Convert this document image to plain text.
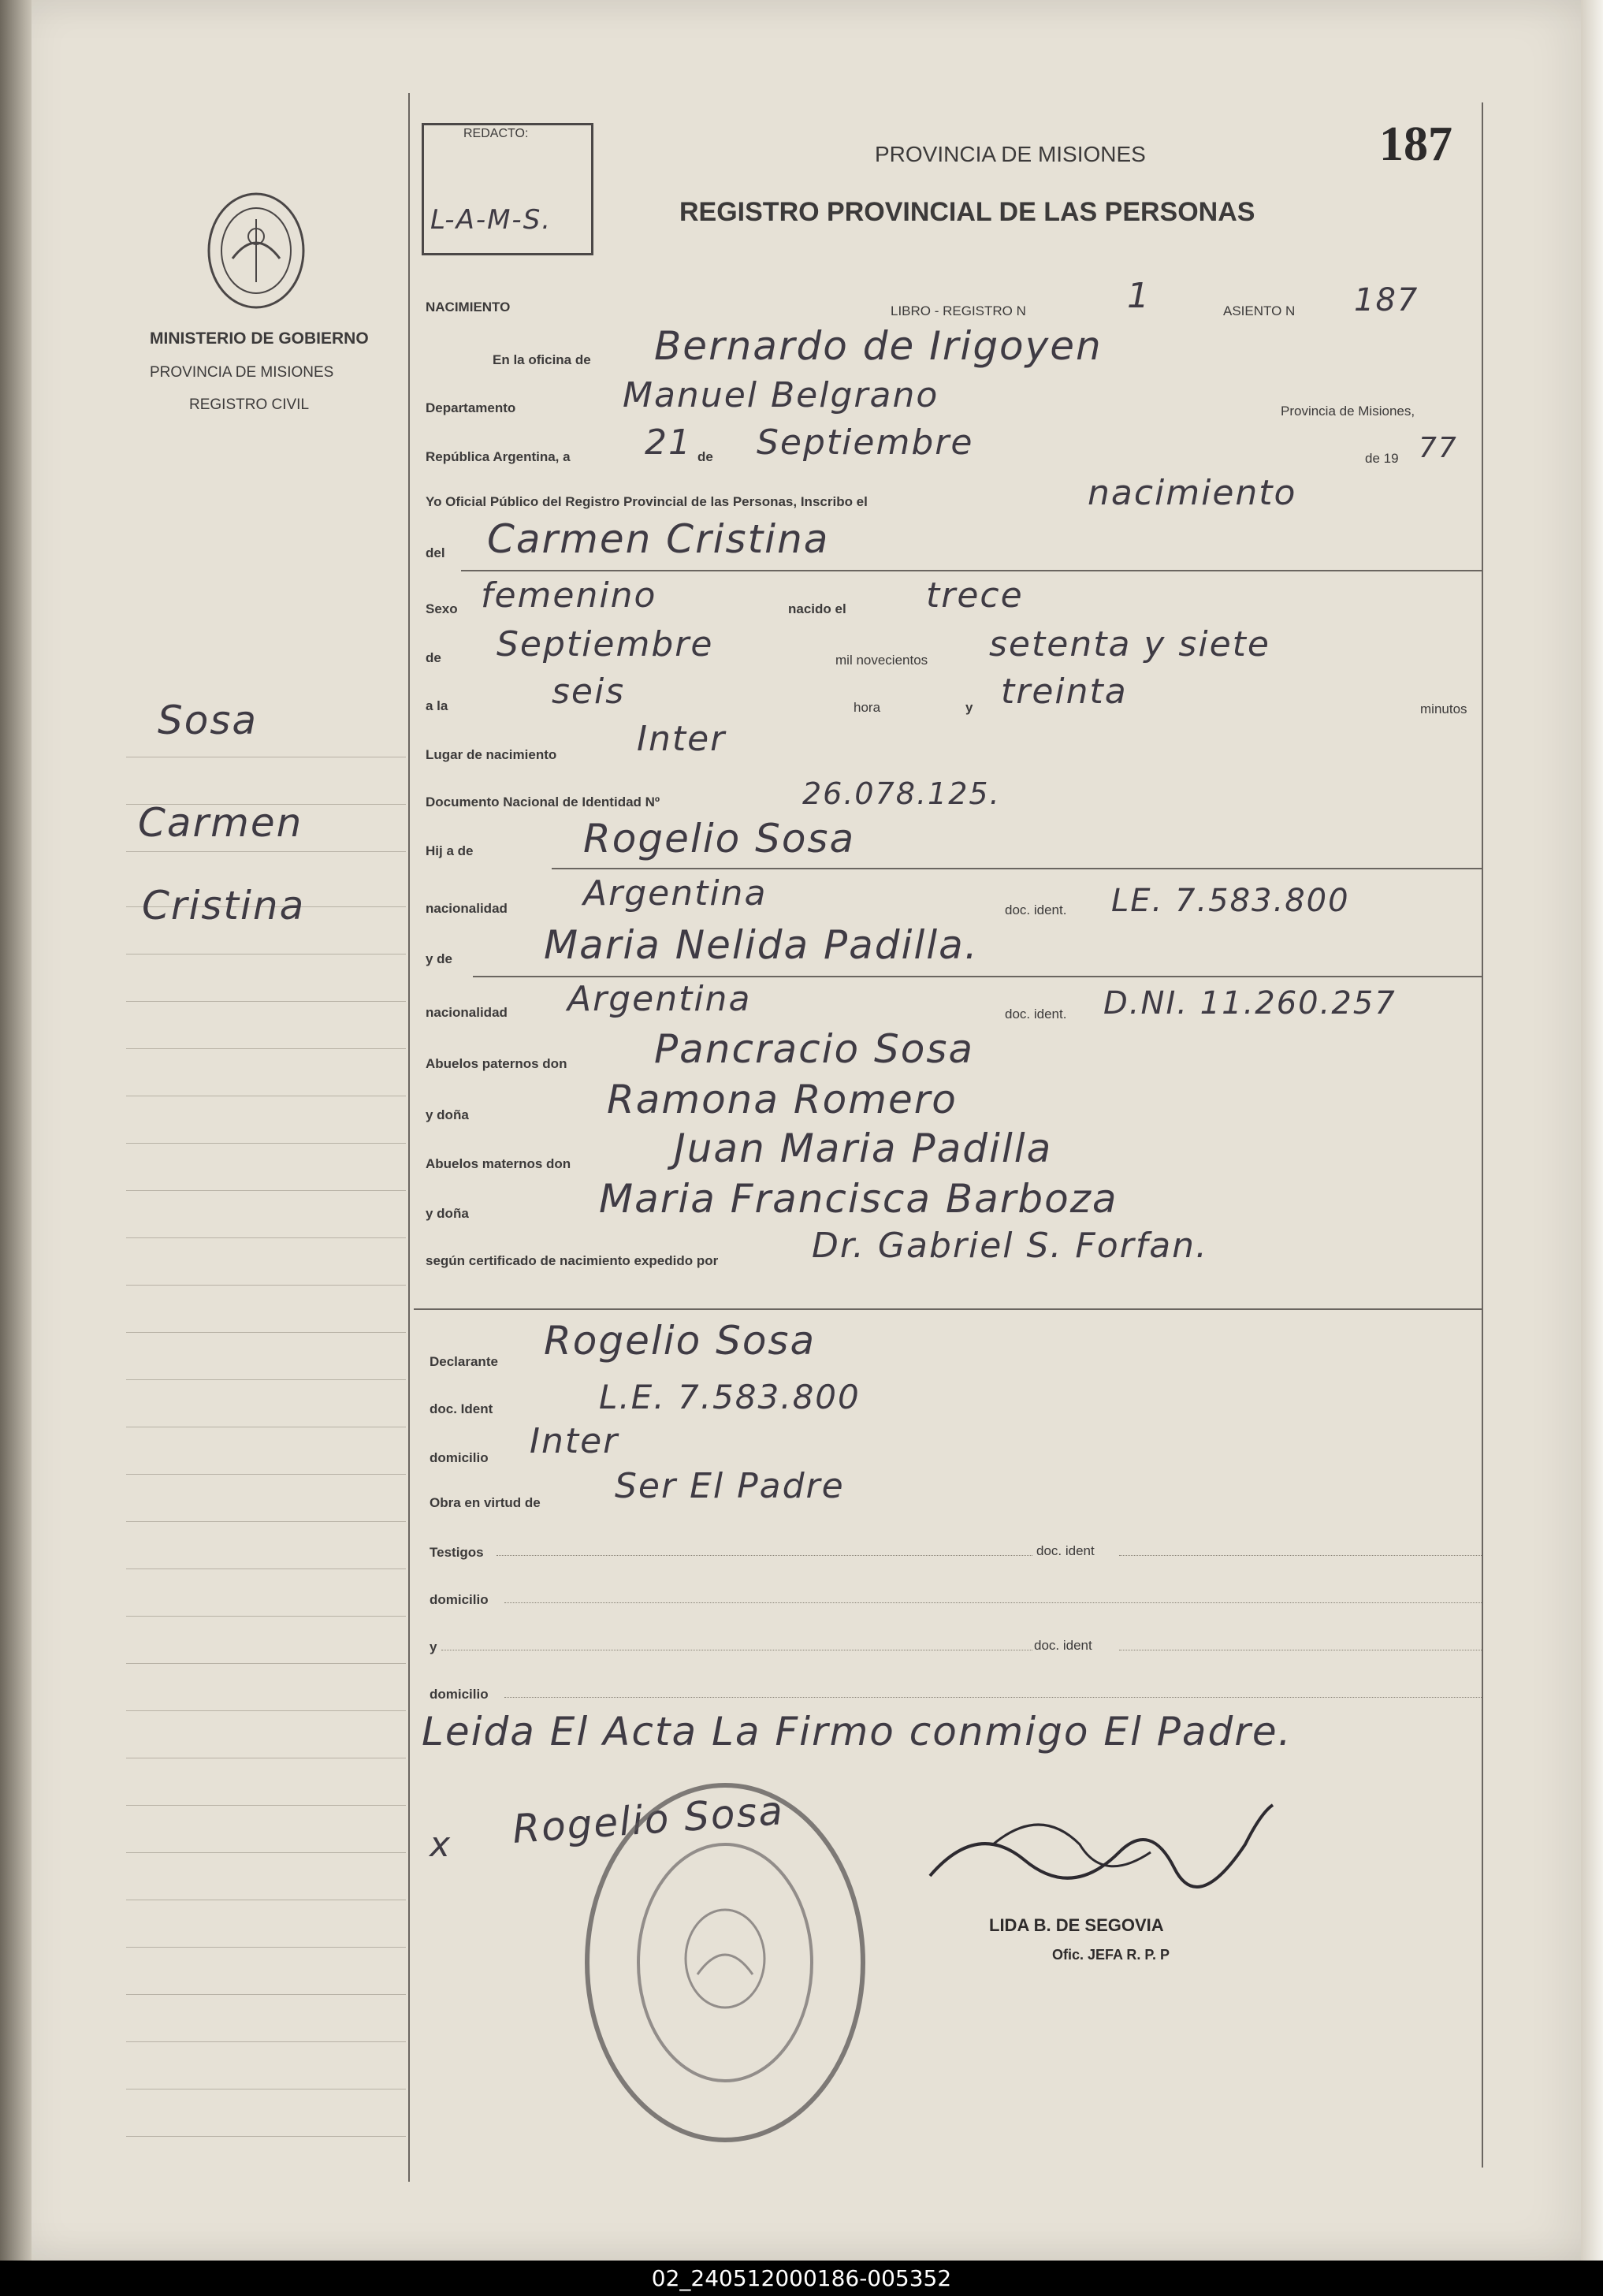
MINISTERIO DE GOBIERNO
PROVINCIA DE MISIONES
REGISTRO CIVIL
Sosa
Carmen
Cristina
REDACTO:
L-A-M-S.
PROVINCIA DE MISIONES	187
REGISTRO PROVINCIAL DE LAS PERSONAS
NACIMIENTO	LIBRO - REGISTRO N	1	ASIENTO N 187
En la oficina de Bernardo de Irigoyen
Departamento	Manuel Belgrano	Provincia de Misiones,
República Argentina, a 21 de Septiembre	de 19 77
Yo Oficial Público del Registro Provincial de las Personas, Inscribo el	nacimiento
del Carmen Cristina
Sexo femenino	nacido el trece
de Septiembre	mil novecientos setenta y siete
a la	seis	hora	y treinta	minutos
Lugar de nacimiento Inter
Documento Nacional de Identidad Nº	26.078.125.
Hij a de	Rogelio Sosa
nacionalidad Argentina	doc. ident. LE. 7.583.800
y de Maria Nelida Padilla.
nacionalidad Argentina	doc. ident. D.NI. 11.260.257
Abuelos paternos don Pancracio Sosa
y doña	Ramona Romero
Abuelos maternos don	Juan Maria Padilla
y doña	Maria Francisca Barboza
según certificado de nacimiento expedido por	Dr. Gabriel S. Forfan.
Declarante Rogelio Sosa
doc. Ident	L.E. 7.583.800
domicilio Inter
Obra en virtud de Ser El Padre
Testigos	doc. ident
domicilio
y	doc. ident
domicilio
Leida El Acta La Firmo conmigo El Padre.
x Rogelio Sosa
LIDA B. DE SEGOVIA
Ofic. JEFA R. P. P
02_240512000186-005352
